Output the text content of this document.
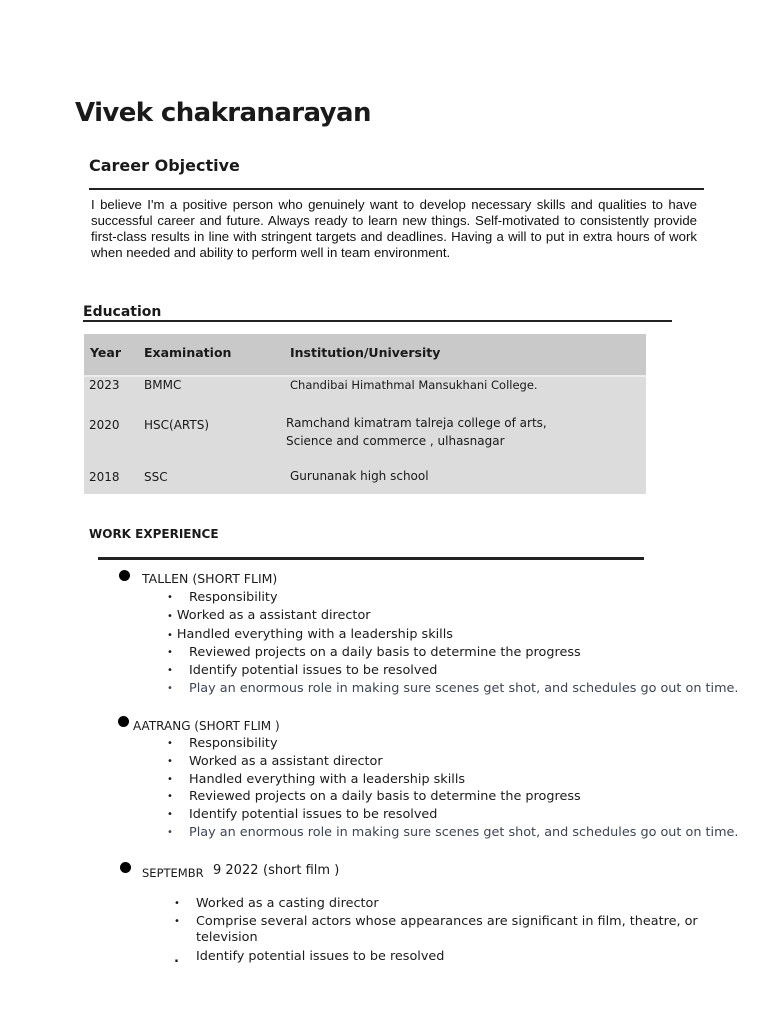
Vivek chakranarayan
Career Objective
I believe I'm a positive person who genuinely want to develop necessary skills and qualities to have successful career and future. Always ready to learn new things. Self-motivated to consistently provide first-class results in line with stringent targets and deadlines. Having a will to put in extra hours of work when needed and ability to perform well in team environment.
Education
Year Examination	Institution/University
2023 BMMC	Chandibai Himathmal Mansukhani College.
2020 HSC(ARTS)	Ramchand kimatram talreja college of arts,
Science and commerce , ulhasnagar
2018 SSC	Gurunanak high school
WORK EXPERIENCE
TALLEN (SHORT FLIM)
• Responsibility
• Worked as a assistant director
• Handled everything with a leadership skills
• Reviewed projects on a daily basis to determine the progress
• Identify potential issues to be resolved
• Play an enormous role in making sure scenes get shot, and schedules go out on time.
AATRANG (SHORT FLIM )
• Responsibility
• Worked as a assistant director
• Handled everything with a leadership skills
• Reviewed projects on a daily basis to determine the progress
• Identify potential issues to be resolved
• Play an enormous role in making sure scenes get shot, and schedules go out on time.
SEPTEMBR 9 2022 (short film )
• Worked as a casting director
• Comprise several actors whose appearances are significant in film, theatre, or
television
. Identify potential issues to be resolved
